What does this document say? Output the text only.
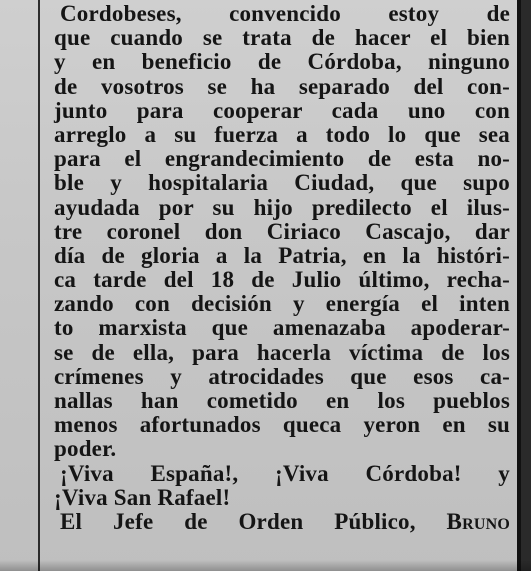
Cordobeses, convencido estoy de
que cuando se trata de hacer el bien
y en beneficio de Córdoba, ninguno
de vosotros se ha separado del con-
junto para cooperar cada uno con
arreglo a su fuerza a todo lo que sea
para el engrandecimiento de esta no-
ble y hospitalaria Ciudad, que supo
ayudada por su hijo predilecto el ilus-
tre coronel don Ciriaco Cascajo, dar
día de gloria a la Patria, en la históri-
ca tarde del 18 de Julio último, recha-
zando con decisión y energía el inten
to marxista que amenazaba apoderar-
se de ella, para hacerla víctima de los
crímenes y atrocidades que esos ca-
nallas han cometido en los pueblos
menos afortunados queca yeron en su
poder.
¡Viva España!, ¡Viva Córdoba! y
¡Viva San Rafael!
El Jefe de Orden Público, Bruno
